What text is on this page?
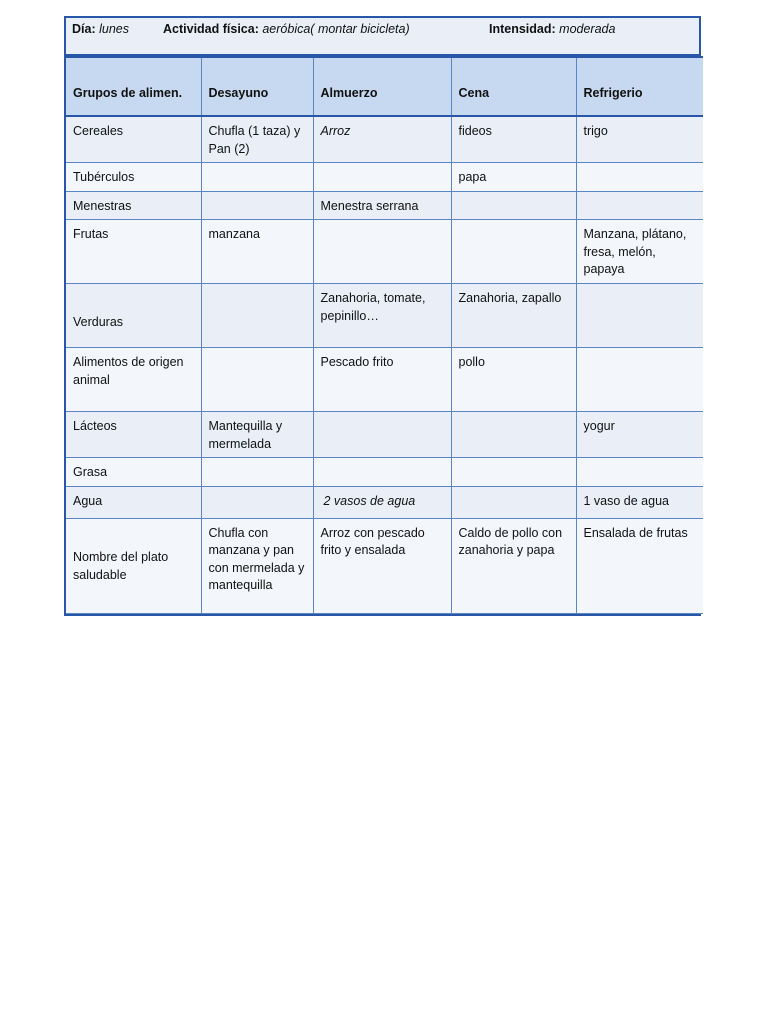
Día: lunes	Actividad física: aeróbica( montar bicicleta)	Intensidad: moderada
Grupos de alimen.	Desayuno	Almuerzo	Cena	Refrigerio
Cereales	Chufla (1 taza) y Pan (2)	Arroz	fideos	trigo
Tubérculos			papa	
Menestras		Menestra serrana		
Frutas	manzana			Manzana, plátano, fresa, melón, papaya
Verduras		Zanahoria, tomate, pepinillo…	Zanahoria, zapallo	
Alimentos de origen animal		Pescado frito	pollo	
Lácteos	Mantequilla y mermelada			yogur
Grasa				
Agua		2 vasos de agua		1 vaso de agua
Nombre del plato saludable	Chufla con manzana y pan con mermelada y mantequilla	Arroz con pescado frito y ensalada	Caldo de pollo con zanahoria y papa	Ensalada de frutas
